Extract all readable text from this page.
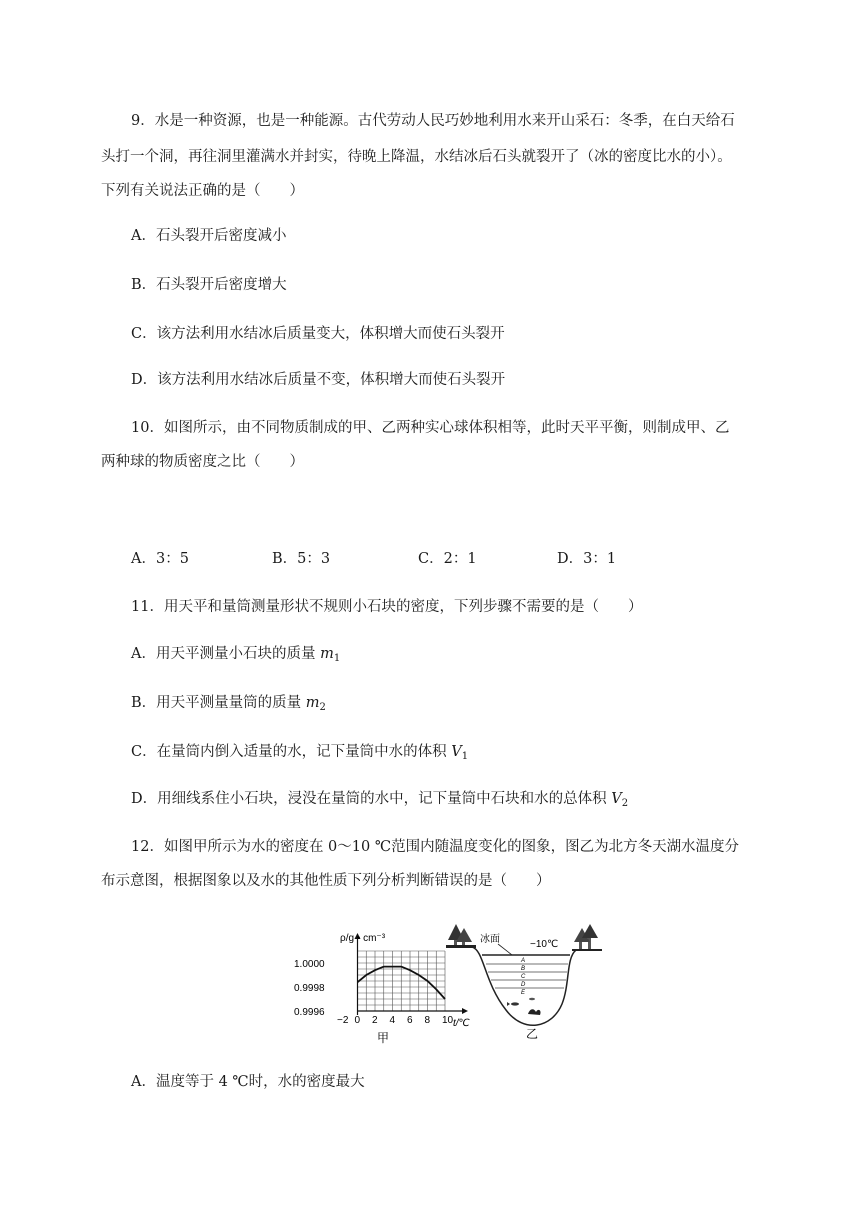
9．水是一种资源，也是一种能源。古代劳动人民巧妙地利用水来开山采石：冬季，在白天给石
头打一个洞，再往洞里灌满水并封实，待晚上降温，水结冰后石头就裂开了（冰的密度比水的小）。
下列有关说法正确的是（　　）
A．石头裂开后密度减小
B．石头裂开后密度增大
C．该方法利用水结冰后质量变大，体积增大而使石头裂开
D．该方法利用水结冰后质量不变，体积增大而使石头裂开
10．如图所示，由不同物质制成的甲、乙两种实心球体积相等，此时天平平衡，则制成甲、乙
两种球的物质密度之比（　　）
A．3：5	B．5：3	C．2：1	D．3：1
11．用天平和量筒测量形状不规则小石块的密度，下列步骤不需要的是（　　）
A．用天平测量小石块的质量 $m_1$
B．用天平测量量筒的质量 $m_2$
C．在量筒内倒入适量的水，记下量筒中水的体积 $V_1$
D．用细线系住小石块，浸没在量筒的水中，记下量筒中石块和水的总体积 $V_2$
12．如图甲所示为水的密度在 0～10 ℃范围内随温度变化的图象，图乙为北方冬天湖水温度分
布示意图，根据图象以及水的其他性质下列分析判断错误的是（　　）
−2 0 2 4 6 8 10
1.0000
0.9998
0.9996
ρ/g • cm⁻³
t/℃
甲
冰面	−10℃
A
B
C
D
E
乙
A．温度等于 4 ℃时，水的密度最大
